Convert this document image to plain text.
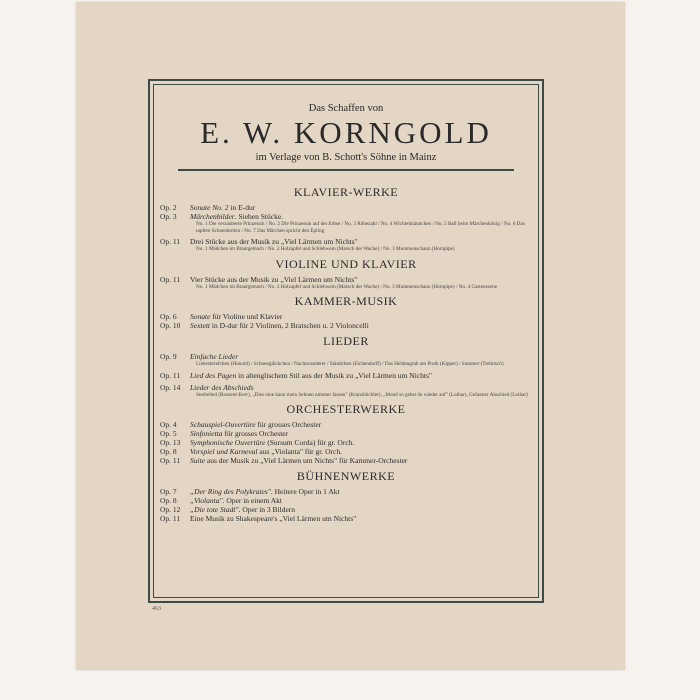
463
Das Schaffen von
E. W. KORNGOLD
im Verlage von B. Schott's Söhne in Mainz
KLAVIER-WERKE
Op. 2	Sonate No. 2 in E-dur
Op. 3	Märchenbilder. Sieben Stücke.
No. 1 Die verzauberte Prinzessin / No. 2 Die Prinzessin auf der Erbse / No. 3 Rübezahl / No. 4 Wichtelmännchen / No. 5 Ball beim Märchenkönig / No. 6 Das tapfere Schneiderlein / No. 7 Das Märchen spricht den Epilog
Op. 11	Drei Stücke aus der Musik zu „Viel Lärmen um Nichts"
No. 1 Mädchen im Brautgemach / No. 2 Holzapfel und Schlehwein (Marsch der Wache) / No. 3 Mummenschanz (Hornpipe)
VIOLINE UND KLAVIER
Op. 11	Vier Stücke aus der Musik zu „Viel Lärmen um Nichts"
No. 1 Mädchen im Brautgemach / No. 2 Holzapfel und Schlehwein (Marsch der Wache) / No. 3 Mummenschanz (Hornpipe) / No. 4 Gartenszene
KAMMER-MUSIK
Op. 6	Sonate für Violine und Klavier
Op. 10	Sextett in D-dur für 2 Violinen, 2 Bratschen u. 2 Violoncelli
LIEDER
Op. 9	Einfache Lieder
Liebesbriefchen (Honold) / Schneeglöckchen / Nachtwanderer / Ständchen (Eichendorff) / Das Heldengrab am Pruth (Kipper) / Sommer (Trebitsch)
Op. 11	Lied des Pagen in altenglischem Stil aus der Musik zu „Viel Lärmen um Nichts"
Op. 14	Lieder des Abschieds
Sterbelied (Rossetti-Kerr), „Dies eine kann mein Sehnen nimmer fassen" (Kranzbüchler), „Mond so gehst du wieder auf" (Lothar), Gefasster Abschied (Lothar)
ORCHESTERWERKE
Op. 4	Schauspiel-Ouvertüre für grosses Orchester
Op. 5	Sinfonietta für grosses Orchester
Op. 13	Symphonische Ouvertüre (Sursum Corda) für gr. Orch.
Op. 8	Vorspiel und Karneval aus „Violanta" für gr. Orch.
Op. 11	Suite aus der Musik zu „Viel Lärmen um Nichts" für Kammer-Orchester
BÜHNENWERKE
Op. 7	„Der Ring des Polykrates". Heitere Oper in 1 Akt
Op. 8	„Violanta". Oper in einem Akt
Op. 12	„Die tote Stadt". Oper in 3 Bildern
Op. 11	Eine Musik zu Shakespeare's „Viel Lärmen um Nichts"
